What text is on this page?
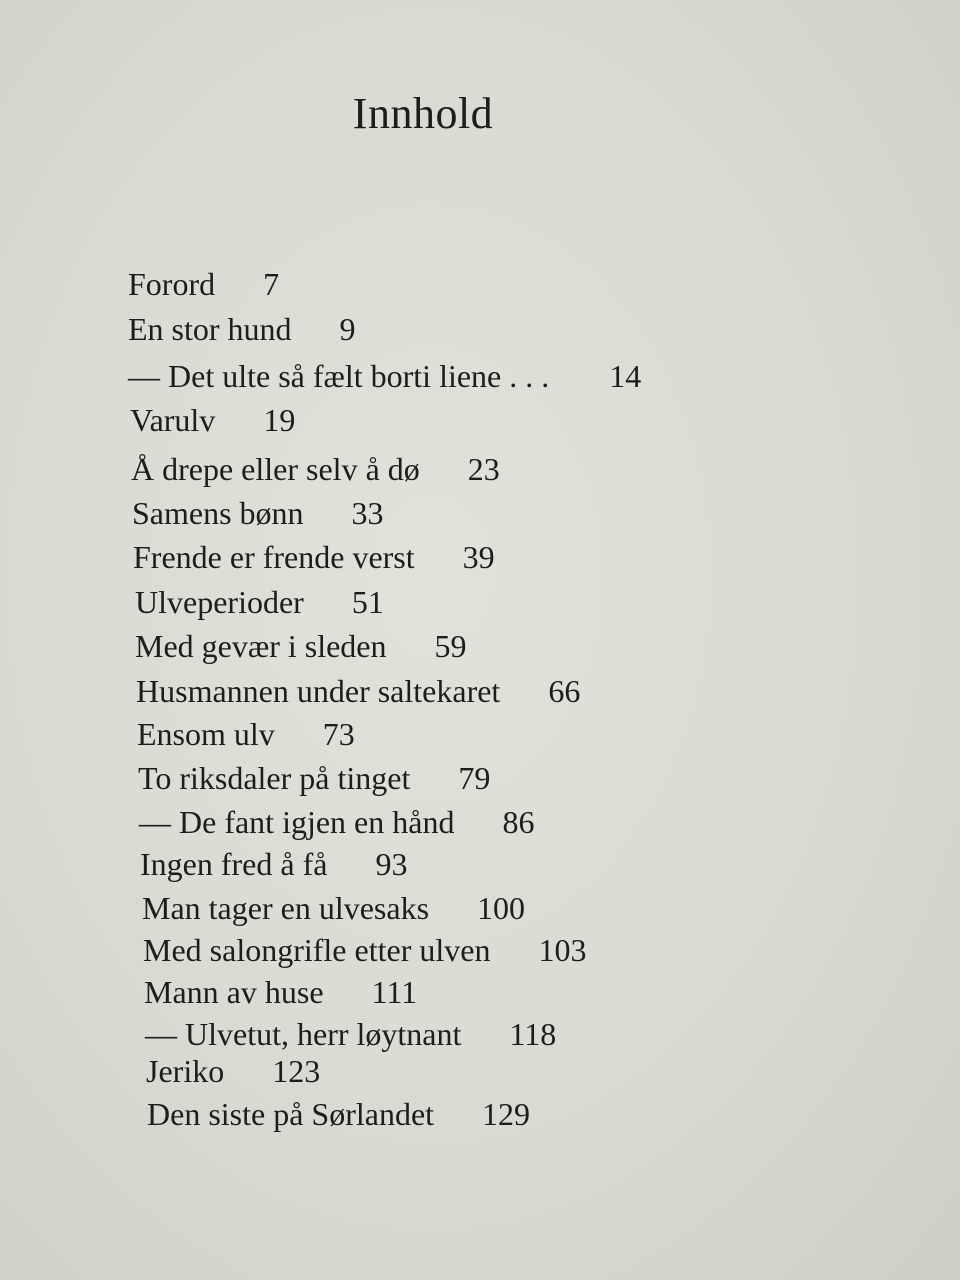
Innhold
Forord 7
En stor hund 9
— Det ulte så fælt borti liene . . . 14
Varulv 19
Å drepe eller selv å dø 23
Samens bønn 33
Frende er frende verst 39
Ulveperioder 51
Med gevær i sleden 59
Husmannen under saltekaret 66
Ensom ulv 73
To riksdaler på tinget 79
— De fant igjen en hånd 86
Ingen fred å få 93
Man tager en ulvesaks 100
Med salongrifle etter ulven 103
Mann av huse 111
— Ulvetut, herr løytnant 118
Jeriko 123
Den siste på Sørlandet 129
